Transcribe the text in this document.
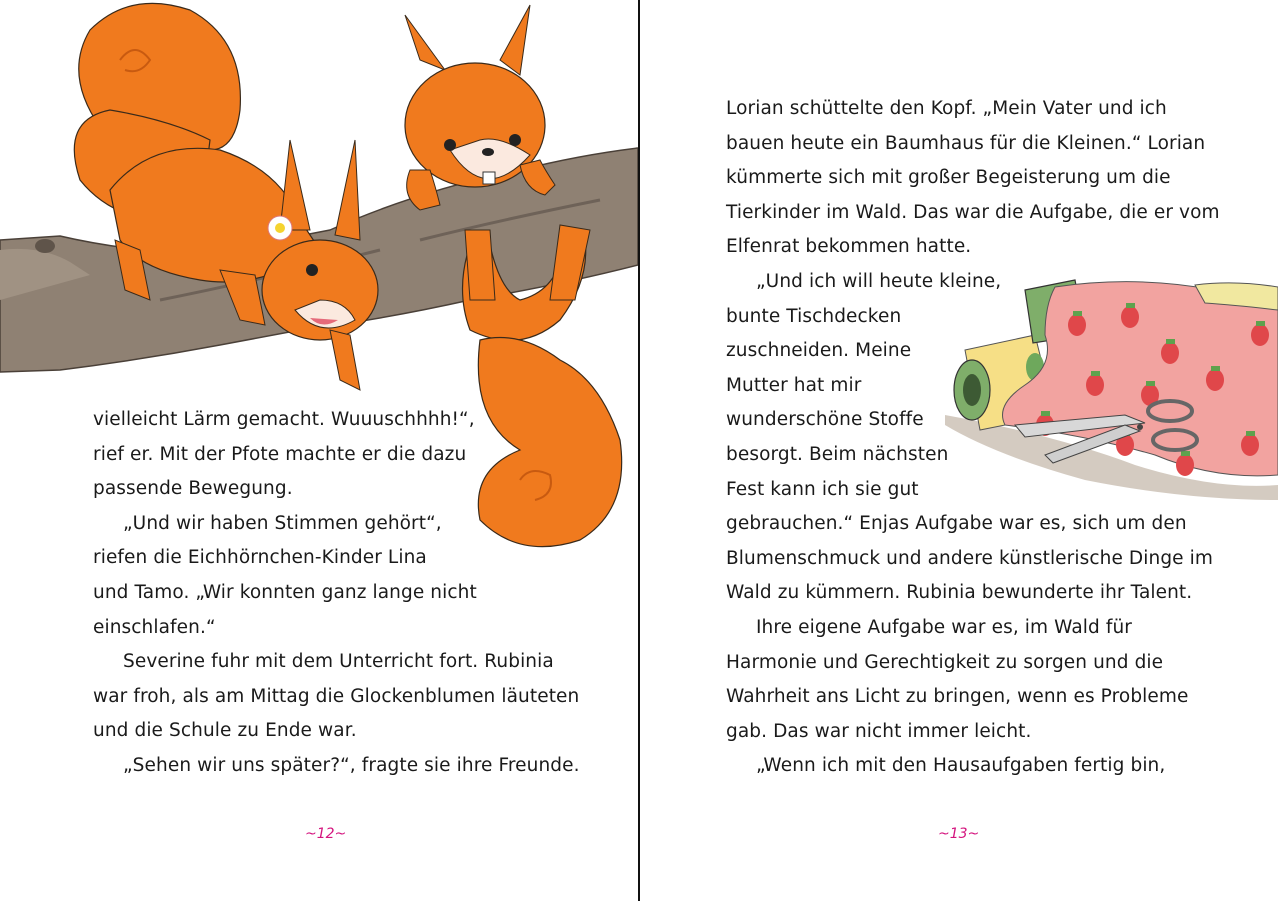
vielleicht Lärm gemacht. Wuuuschhhh!“,
rief er. Mit der Pfote machte er die dazu
passende Bewegung.
„Und wir haben Stimmen gehört“,
riefen die Eichhörnchen-Kinder Lina
und Tamo. „Wir konnten ganz lange nicht
einschlafen.“
Severine fuhr mit dem Unterricht fort. Rubinia
war froh, als am Mittag die Glockenblumen läuteten
und die Schule zu Ende war.
„Sehen wir uns später?“, fragte sie ihre Freunde.
~12~
Lorian schüttelte den Kopf. „Mein Vater und ich
bauen heute ein Baumhaus für die Kleinen.“ Lorian
kümmerte sich mit großer Begeisterung um die
Tierkinder im Wald. Das war die Aufgabe, die er vom
Elfenrat bekommen hatte.
„Und ich will heute kleine,
bunte Tischdecken
zuschneiden. Meine
Mutter hat mir
wunderschöne Stoffe
besorgt. Beim nächsten
Fest kann ich sie gut
gebrauchen.“ Enjas Aufgabe war es, sich um den
Blumenschmuck und andere künstlerische Dinge im
Wald zu kümmern. Rubinia bewunderte ihr Talent.
Ihre eigene Aufgabe war es, im Wald für
Harmonie und Gerechtigkeit zu sorgen und die
Wahrheit ans Licht zu bringen, wenn es Probleme
gab. Das war nicht immer leicht.
„Wenn ich mit den Hausaufgaben fertig bin,
~13~
